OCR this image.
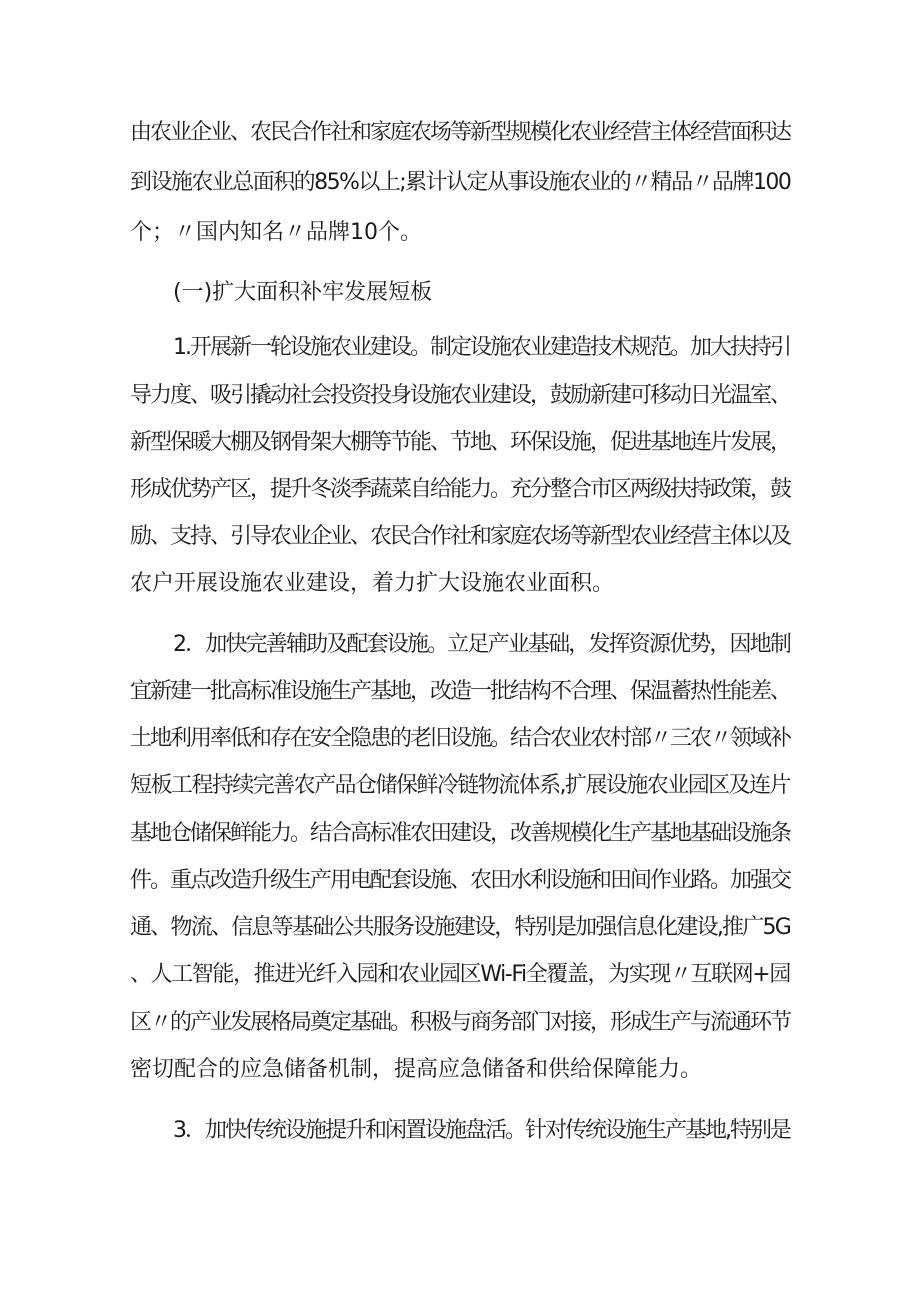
由农业企业、农民合作社和家庭农场等新型规模化农业经营主体经营面积达

到设施农业总面积的85%以上;累计认定从事设施农业的〃精品〃品牌100

个；〃国内知名〃品牌10个。

(一)扩大面积补牢发展短板

1.开展新一轮设施农业建设。制定设施农业建造技术规范。加大扶持引

导力度、吸引撬动社会投资投身设施农业建设，鼓励新建可移动日光温室、

新型保暖大棚及钢骨架大棚等节能、节地、环保设施，促进基地连片发展，

形成优势产区，提升冬淡季蔬菜自给能力。充分整合市区两级扶持政策，鼓

励、支持、引导农业企业、农民合作社和家庭农场等新型农业经营主体以及

农户开展设施农业建设，着力扩大设施农业面积。

2．加快完善辅助及配套设施。立足产业基础，发挥资源优势，因地制

宜新建一批高标准设施生产基地，改造一批结构不合理、保温蓄热性能差、

土地利用率低和存在安全隐患的老旧设施。结合农业农村部〃三农〃领域补

短板工程持续完善农产品仓储保鲜冷链物流体系,扩展设施农业园区及连片

基地仓储保鲜能力。结合高标准农田建设，改善规模化生产基地基础设施条

件。重点改造升级生产用电配套设施、农田水利设施和田间作业路。加强交

通、物流、信息等基础公共服务设施建设，特别是加强信息化建设,推广5G

、人工智能，推进光纤入园和农业园区Wi-Fi全覆盖，为实现〃互联网+园

区〃的产业发展格局奠定基础。积极与商务部门对接，形成生产与流通环节

密切配合的应急储备机制，提高应急储备和供给保障能力。

3．加快传统设施提升和闲置设施盘活。针对传统设施生产基地,特别是
